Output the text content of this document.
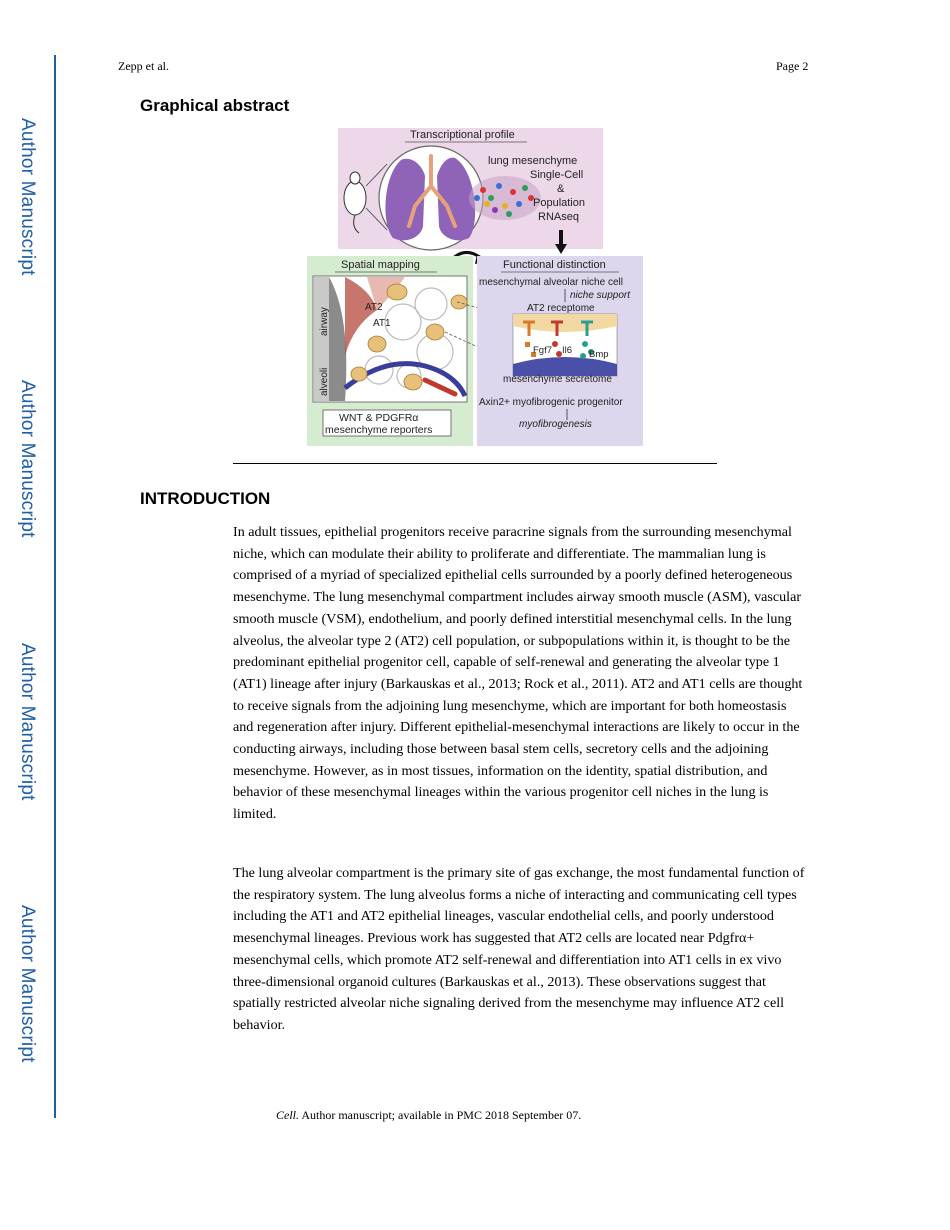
Author Manuscript
Author Manuscript
Author Manuscript
Author Manuscript
Zepp et al.	Page 2
Graphical abstract
Transcriptional profile
lung mesenchyme
Single-Cell
&
Population
RNAseq
Spatial mapping
airway
alveoli
AT2
AT1
WNT & PDGFRα
mesenchyme reporters
Functional distinction
mesenchymal alveolar niche cell
niche support
AT2 receptome
Fgf7 Il6 Bmp
mesenchyme secretome
Axin2+ myofibrogenic progenitor
myofibrogenesis
INTRODUCTION

In adult tissues, epithelial progenitors receive paracrine signals from the surrounding mesenchymal niche, which can modulate their ability to proliferate and differentiate. The mammalian lung is comprised of a myriad of specialized epithelial cells surrounded by a poorly defined heterogeneous mesenchyme. The lung mesenchymal compartment includes airway smooth muscle (ASM), vascular smooth muscle (VSM), endothelium, and poorly defined interstitial mesenchymal cells. In the lung alveolus, the alveolar type 2 (AT2) cell population, or subpopulations within it, is thought to be the predominant epithelial progenitor cell, capable of self-renewal and generating the alveolar type 1 (AT1) lineage after injury (Barkauskas et al., 2013; Rock et al., 2011). AT2 and AT1 cells are thought to receive signals from the adjoining lung mesenchyme, which are important for both homeostasis and regeneration after injury. Different epithelial-mesenchymal interactions are likely to occur in the conducting airways, including those between basal stem cells, secretory cells and the adjoining mesenchyme. However, as in most tissues, information on the identity, spatial distribution, and behavior of these mesenchymal lineages within the various progenitor cell niches in the lung is limited.

The lung alveolar compartment is the primary site of gas exchange, the most fundamental function of the respiratory system. The lung alveolus forms a niche of interacting and communicating cell types including the AT1 and AT2 epithelial lineages, vascular endothelial cells, and poorly understood mesenchymal lineages. Previous work has suggested that AT2 cells are located near Pdgfrα+ mesenchymal cells, which promote AT2 self-renewal and differentiation into AT1 cells in ex vivo three-dimensional organoid cultures (Barkauskas et al., 2013). These observations suggest that spatially restricted alveolar niche signaling derived from the mesenchyme may influence AT2 cell behavior.

Cell. Author manuscript; available in PMC 2018 September 07.
